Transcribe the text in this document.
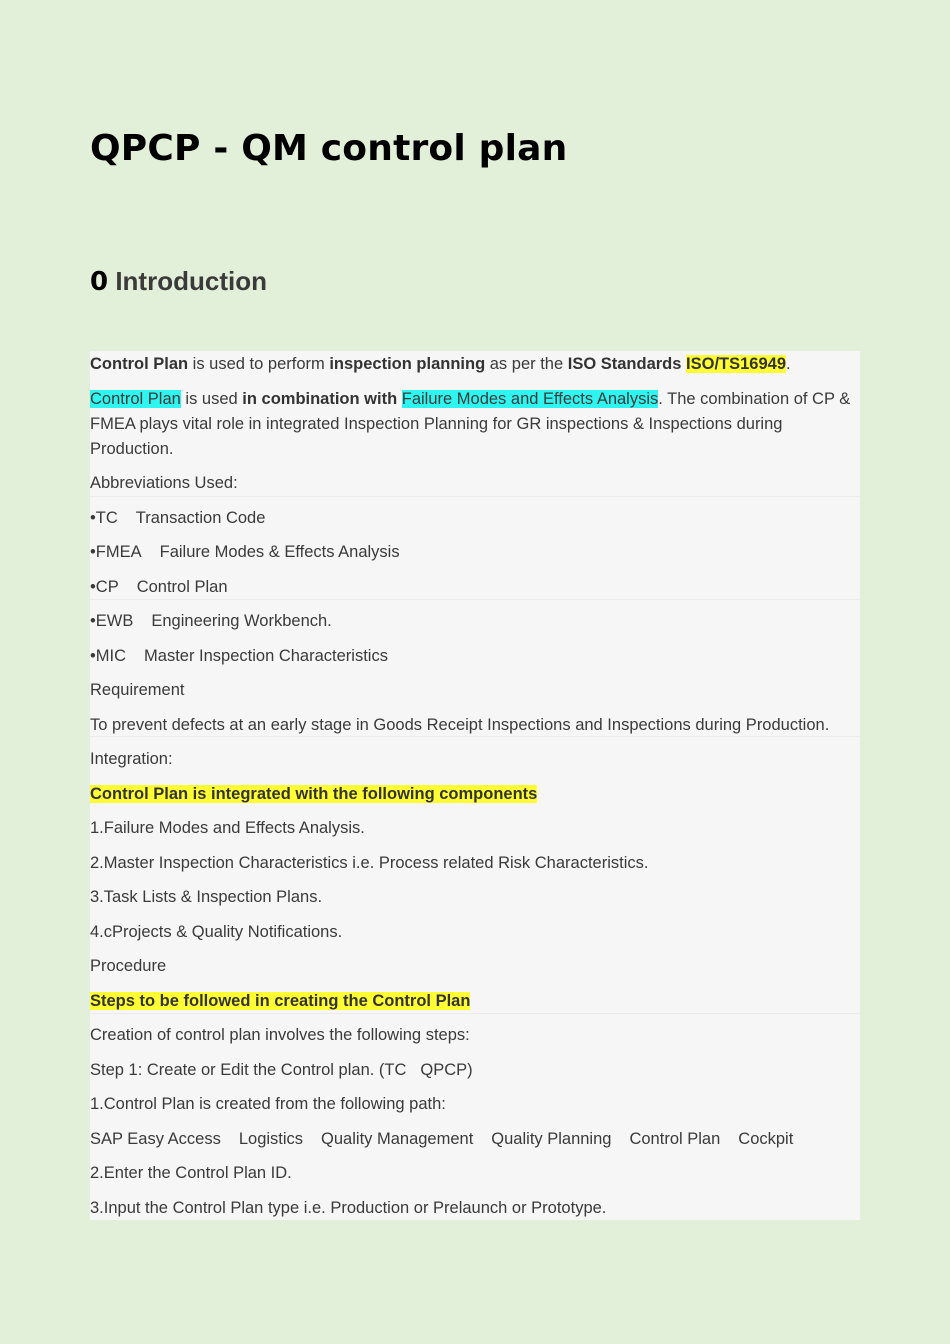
QPCP - QM control plan
0 Introduction
Control Plan is used to perform inspection planning as per the ISO Standards ISO/TS16949.
Control Plan is used in combination with Failure Modes and Effects Analysis. The combination of CP & FMEA plays vital role in integrated Inspection Planning for GR inspections & Inspections during Production.
Abbreviations Used:
•TC Transaction Code
•FMEA Failure Modes & Effects Analysis
•CP Control Plan
•EWB Engineering Workbench.
•MIC Master Inspection Characteristics
Requirement
To prevent defects at an early stage in Goods Receipt Inspections and Inspections during Production.
Integration:
Control Plan is integrated with the following components
1.Failure Modes and Effects Analysis.
2.Master Inspection Characteristics i.e. Process related Risk Characteristics.
3.Task Lists & Inspection Plans.
4.cProjects & Quality Notifications.
Procedure
Steps to be followed in creating the Control Plan
Creation of control plan involves the following steps:
Step 1: Create or Edit the Control plan. (TC QPCP)
1.Control Plan is created from the following path:
SAP Easy Access Logistics Quality Management Quality Planning Control Plan Cockpit
2.Enter the Control Plan ID.
3.Input the Control Plan type i.e. Production or Prelaunch or Prototype.
